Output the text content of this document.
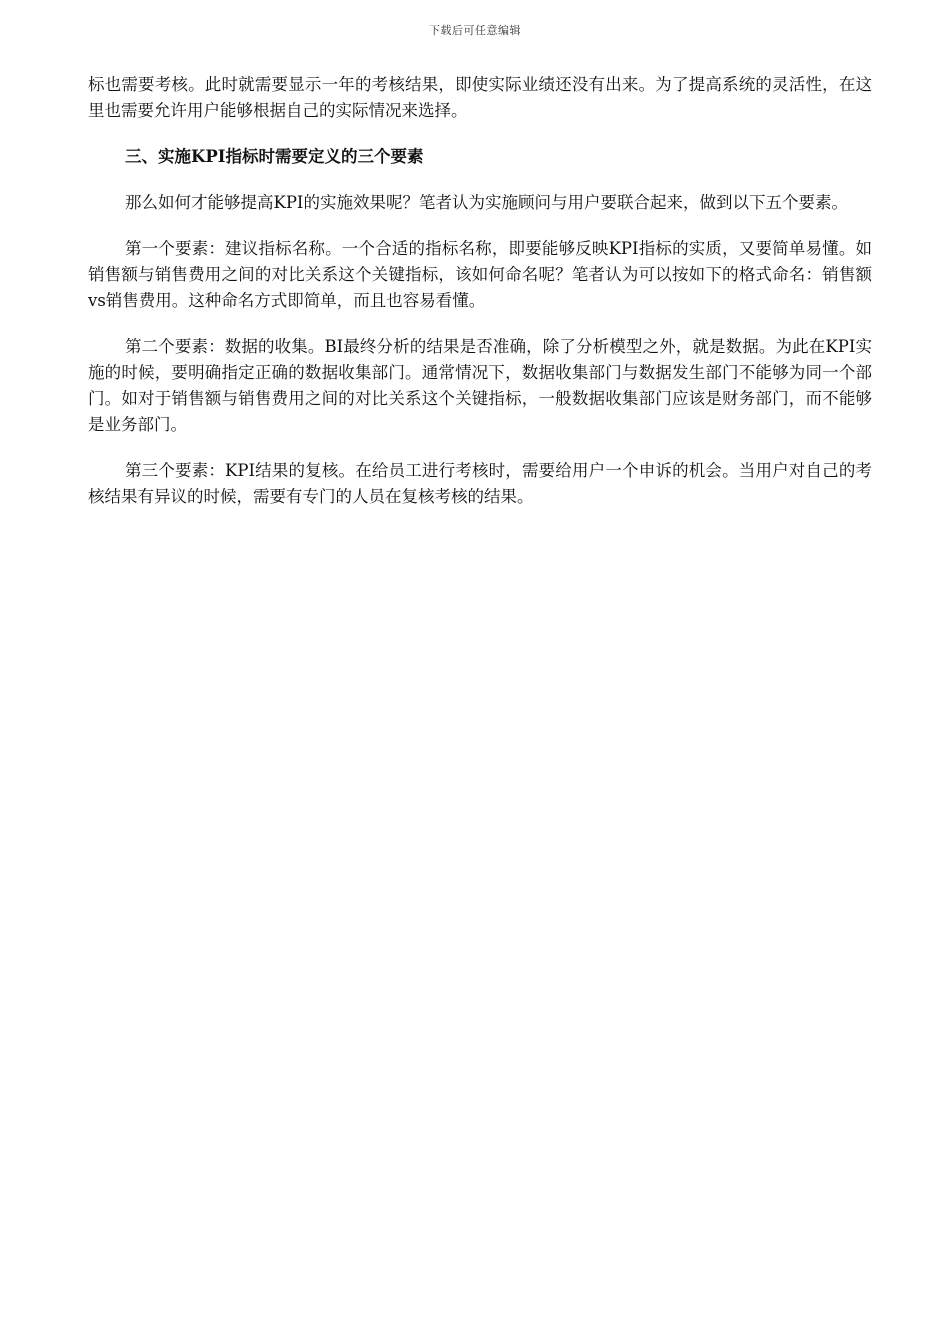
下载后可任意编辑

标也需要考核。此时就需要显示一年的考核结果，即使实际业绩还没有出来。为了提高系统的灵活性，在这里也需要允许用户能够根据自己的实际情况来选择。

三、实施KPI指标时需要定义的三个要素

那么如何才能够提高KPI的实施效果呢？笔者认为实施顾问与用户要联合起来，做到以下五个要素。

第一个要素：建议指标名称。一个合适的指标名称，即要能够反映KPI指标的实质，又要简单易懂。如销售额与销售费用之间的对比关系这个关键指标，该如何命名呢？笔者认为可以按如下的格式命名：销售额vs销售费用。这种命名方式即简单，而且也容易看懂。

第二个要素：数据的收集。BI最终分析的结果是否准确，除了分析模型之外，就是数据。为此在KPI实施的时候，要明确指定正确的数据收集部门。通常情况下，数据收集部门与数据发生部门不能够为同一个部门。如对于销售额与销售费用之间的对比关系这个关键指标，一般数据收集部门应该是财务部门，而不能够是业务部门。

第三个要素：KPI结果的复核。在给员工进行考核时，需要给用户一个申诉的机会。当用户对自己的考核结果有异议的时候，需要有专门的人员在复核考核的结果。
